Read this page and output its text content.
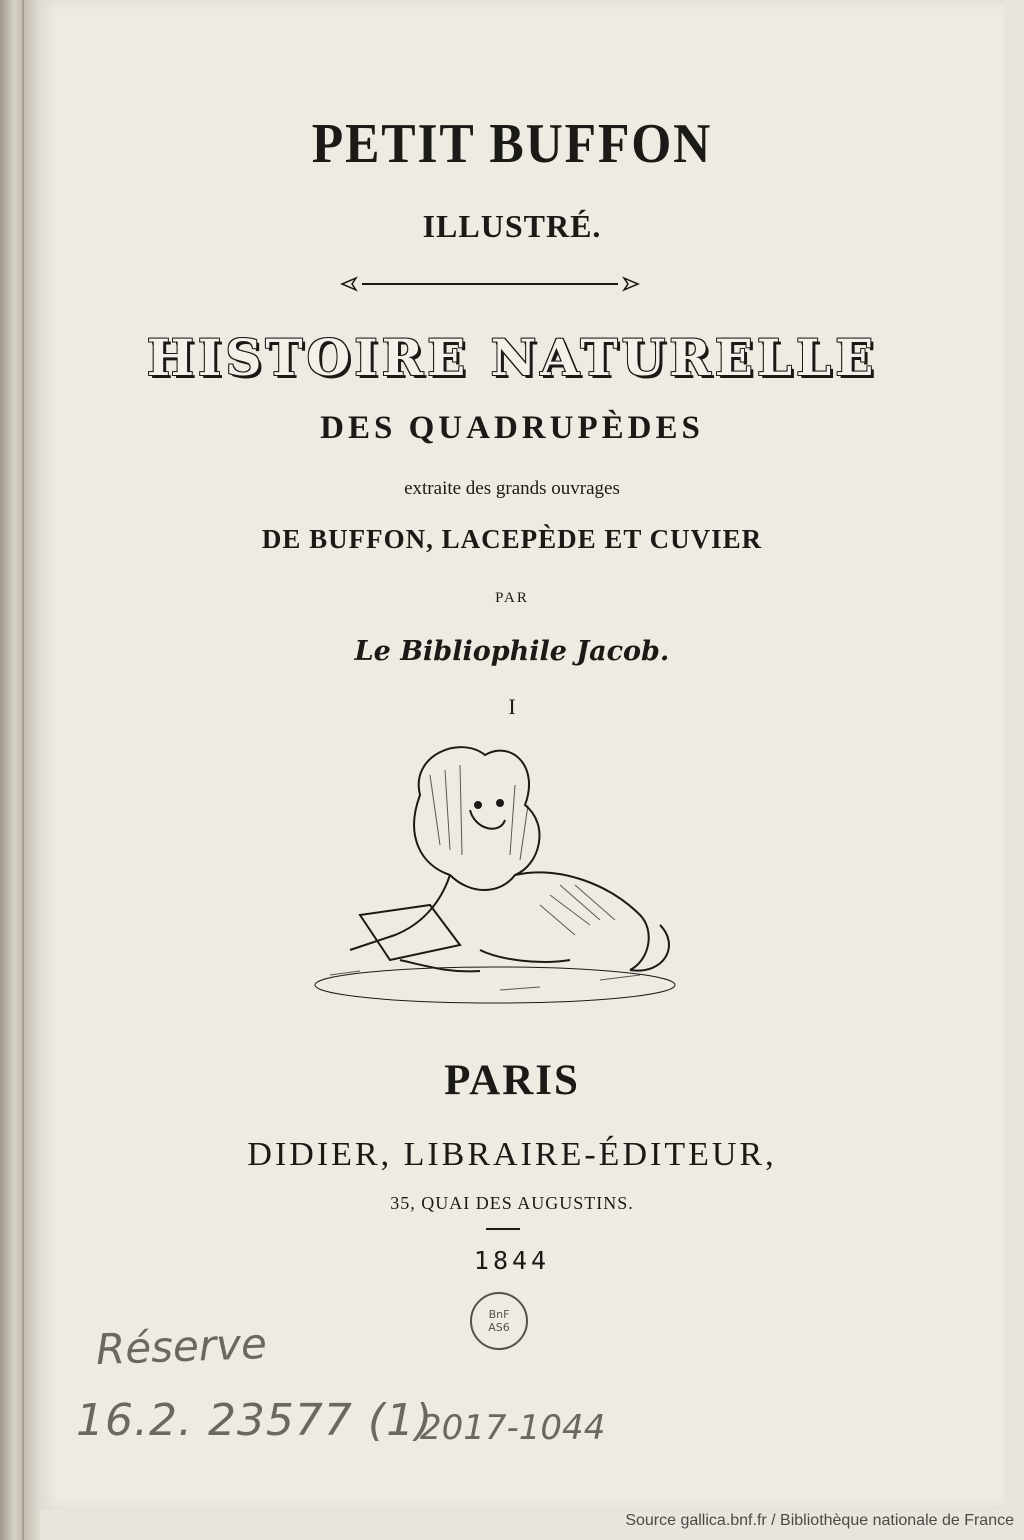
PETIT BUFFON
ILLUSTRÉ.
HISTOIRE NATURELLE
DES QUADRUPÈDES
extraite des grands ouvrages
DE BUFFON, LACEPÈDE ET CUVIER
PAR
Le Bibliophile Jacob.
I
PARIS
DIDIER, LIBRAIRE-ÉDITEUR,
35, QUAI DES AUGUSTINS.
1844
BnF
AS6
Réserve
16.2. 23577 (1)
2017-1044
Source gallica.bnf.fr / Bibliothèque nationale de France
